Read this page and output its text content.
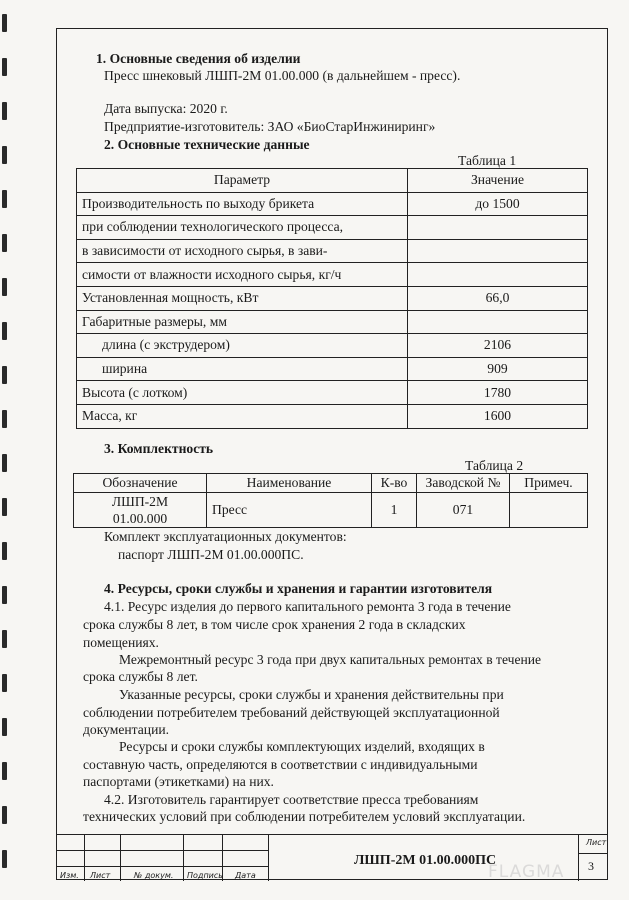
1. Основные сведения об изделии
Пресс шнековый ЛШП-2М 01.00.000 (в дальнейшем - пресс).
Дата выпуска: 2020 г.
Предприятие-изготовитель: ЗАО «БиоСтарИнжиниринг»
2. Основные технические данные
Таблица 1
Параметр	Значение
Производительность по выходу брикета	до 1500
при соблюдении технологического процесса,	
в зависимости от исходного сырья, в зави-	
симости от влажности исходного сырья, кг/ч	
Установленная мощность, кВт	66,0
Габаритные размеры, мм	
длина (с экструдером)	2106
ширина	909
Высота (с лотком)	1780
Масса, кг	1600
3. Комплектность
Таблица 2
Обозначение	Наименование	К-во	Заводской №	Примеч.

ЛШП-2М
01.00.000	Пресс	1	071	
Комплект эксплуатационных документов:
паспорт ЛШП-2М 01.00.000ПС.
4. Ресурсы, сроки службы и хранения и гарантии изготовителя
4.1. Ресурс изделия до первого капитального ремонта 3 года в течение
срока службы 8 лет, в том числе срок хранения 2 года в складских
помещениях.
Межремонтный ресурс 3 года при двух капитальных ремонтах в течение
срока службы 8 лет.
Указанные ресурсы, сроки службы и хранения действительны при
соблюдении потребителем требований действующей эксплуатационной
документации.
Ресурсы и сроки службы комплектующих изделий, входящих в
составную часть, определяются в соответствии с индивидуальными
паспортами (этикетками) на них.
4.2. Изготовитель гарантирует соответствие пресса требованиям
технических условий при соблюдении потребителем условий эксплуатации.
Изм. Лист	№ докум. Подпись Дата
ЛШП-2М 01.00.000ПС
Лист
3
FLAGMA
